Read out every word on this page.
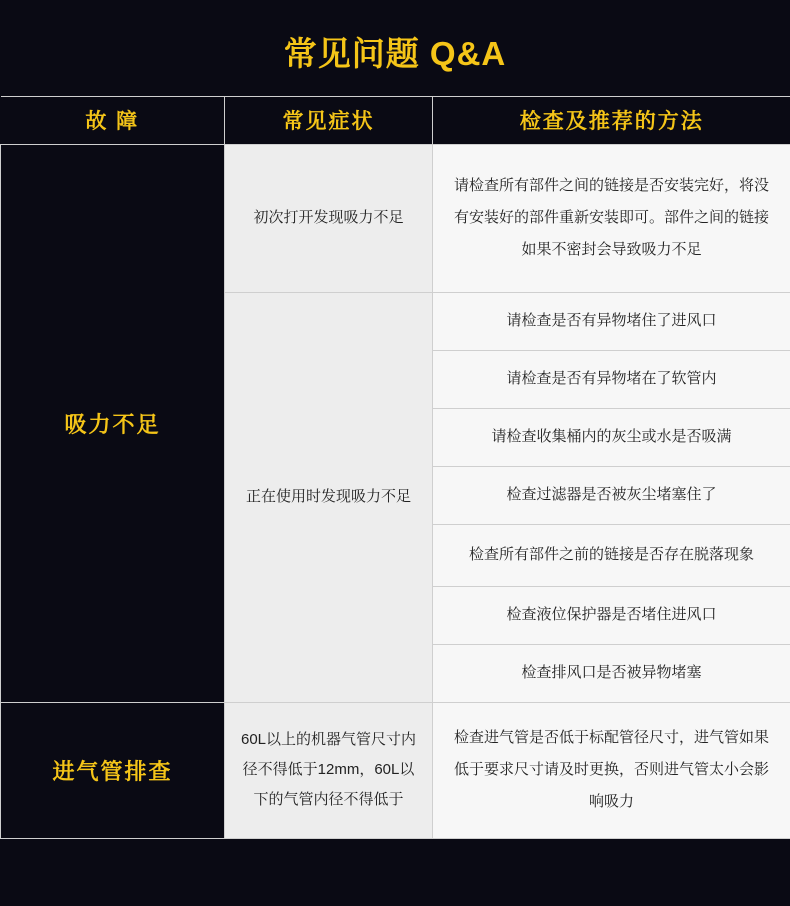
常见问题 Q&A
故 障	常见症状	检查及推荐的方法
吸力不足	初次打开发现吸力不足	请检查所有部件之间的链接是否安装完好，将没有安装好的部件重新安装即可。部件之间的链接如果不密封会导致吸力不足
	正在使用时发现吸力不足	请检查是否有异物堵住了进风口
		请检查是否有异物堵在了软管内
		请检查收集桶内的灰尘或水是否吸满
		检查过滤器是否被灰尘堵塞住了
		检查所有部件之前的链接是否存在脱落现象
		检查液位保护器是否堵住进风口
		检查排风口是否被异物堵塞
进气管排查	60L以上的机器气管尺寸内径不得低于12mm，60L以下的气管内径不得低于	检查进气管是否低于标配管径尺寸，进气管如果低于要求尺寸请及时更换，否则进气管太小会影响吸力
